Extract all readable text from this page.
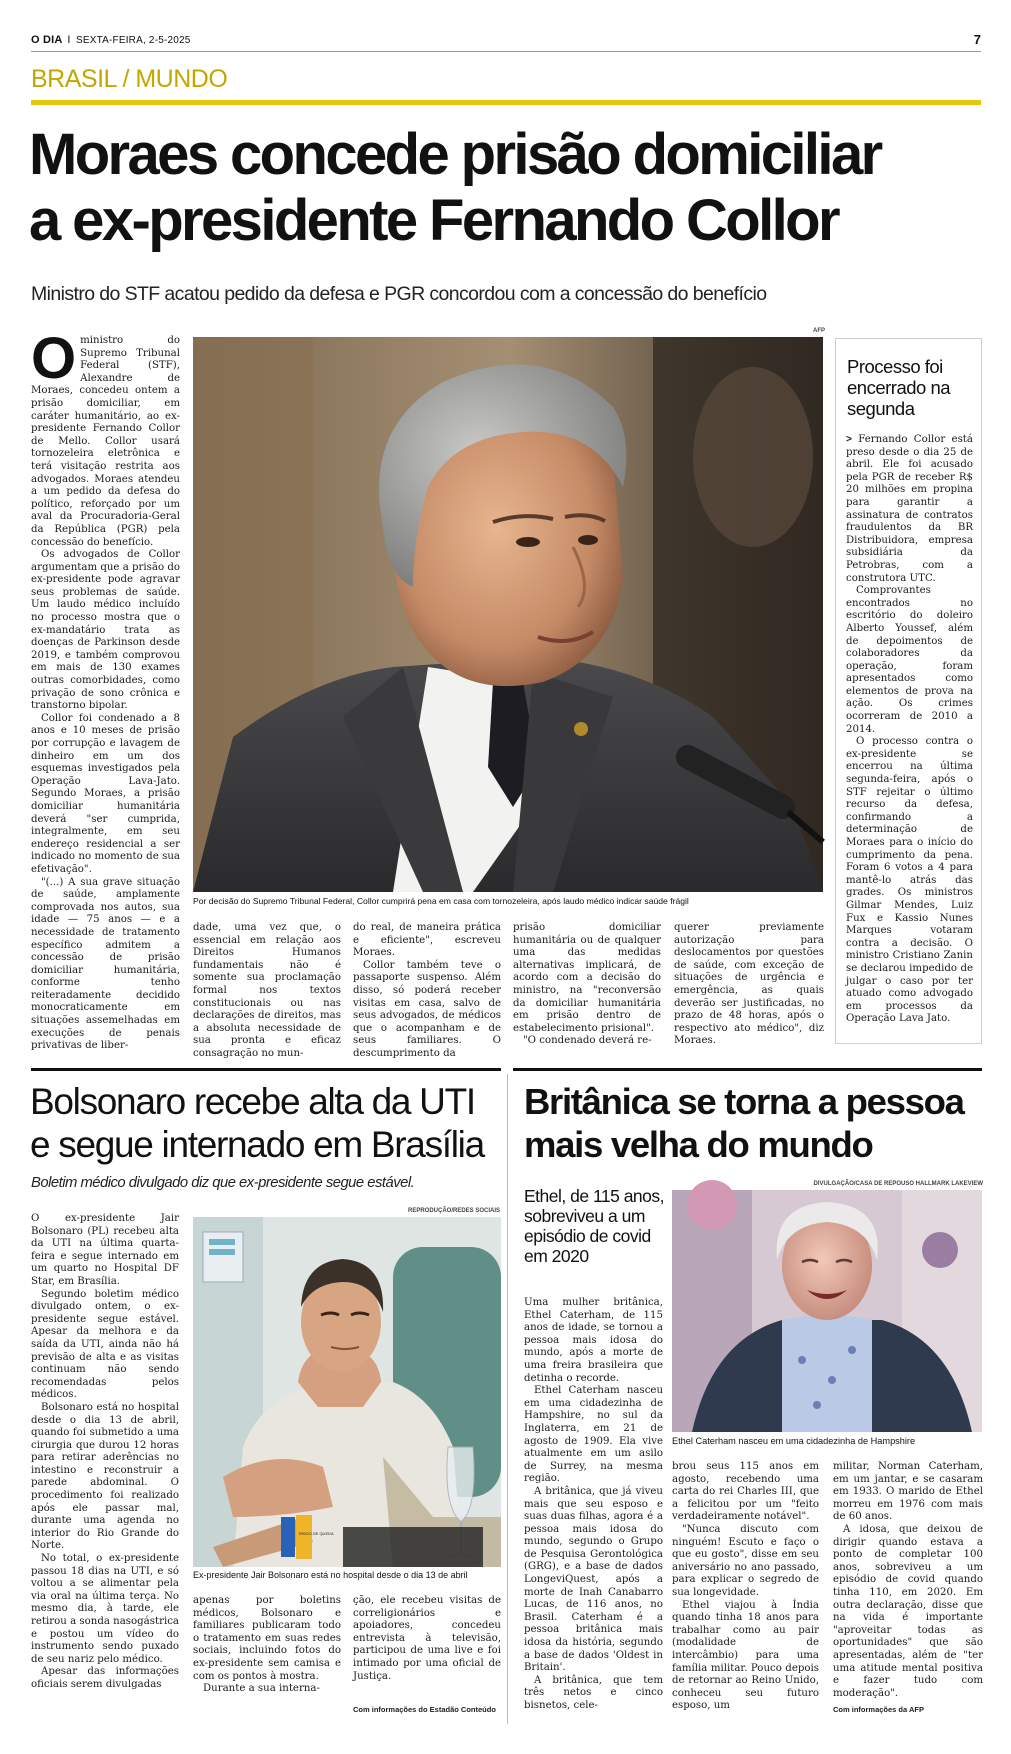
O DIA I SEXTA-FEIRA, 2-5-2025	7
BRASIL / MUNDO
Moraes concede prisão domiciliar
a ex-presidente Fernando Collor
Ministro do STF acatou pedido da defesa e PGR concordou com a concessão do benefício

Oministro do Supremo Tribunal Federal (STF), Alexandre de Moraes, concedeu ontem a prisão domiciliar, em caráter humanitário, ao ex-presidente Fernando Collor de Mello. Collor usará tornozeleira eletrônica e terá visitação restrita aos advogados. Moraes atendeu a um pedido da defesa do político, reforçado por um aval da Procuradoria-Geral da República (PGR) pela concessão do benefício.

Os advogados de Collor argumentam que a prisão do ex-presidente pode agravar seus problemas de saúde. Um laudo médico incluído no processo mostra que o ex-mandatário trata as doenças de Parkinson desde 2019, e também comprovou em mais de 130 exames outras comorbidades, como privação de sono crônica e transtorno bipolar.

Collor foi condenado a 8 anos e 10 meses de prisão por corrupção e lavagem de dinheiro em um dos esquemas investigados pela Operação Lava-Jato. Segundo Moraes, a prisão domiciliar humanitária deverá "ser cumprida, integralmente, em seu endereço residencial a ser indicado no momento de sua efetivação".

"(...) A sua grave situação de saúde, amplamente comprovada nos autos, sua idade — 75 anos — e a necessidade de tratamento específico admitem a concessão de prisão domiciliar humanitária, conforme tenho reiteradamente decidido monocraticamente em situações assemelhadas em execuções de penais privativas de liber-

AFP
Por decisão do Supremo Tribunal Federal, Collor cumprirá pena em casa com tornozeleira, após laudo médico indicar saúde frágil

dade, uma vez que, o essencial em relação aos Direitos Humanos fundamentais não é somente sua proclamação formal nos textos constitucionais ou nas declarações de direitos, mas a absoluta necessidade de sua pronta e eficaz consagração no mun-

do real, de maneira prática e eficiente", escreveu Moraes.

Collor também teve o passaporte suspenso. Além disso, só poderá receber visitas em casa, salvo de seus advogados, de médicos que o acompanham e de seus familiares. O descumprimento da

prisão domiciliar humanitária ou de qualquer uma das medidas alternativas implicará, de acordo com a decisão do ministro, na "reconversão da domiciliar humanitária em prisão dentro de estabelecimento prisional".

"O condenado deverá re-

querer previamente autorização para deslocamentos por questões de saúde, com exceção de situações de urgência e emergência, as quais deverão ser justificadas, no prazo de 48 horas, após o respectivo ato médico", diz Moraes.

Processo foi encerrado na segunda

> Fernando Collor está preso desde o dia 25 de abril. Ele foi acusado pela PGR de receber R$ 20 milhões em propina para garantir a assinatura de contratos fraudulentos da BR Distribuidora, empresa subsidiária da Petrobras, com a construtora UTC.

Comprovantes encontrados no escritório do doleiro Alberto Youssef, além de depoimentos de colaboradores da operação, foram apresentados como elementos de prova na ação. Os crimes ocorreram de 2010 a 2014.

O processo contra o ex-presidente se encerrou na última segunda-feira, após o STF rejeitar o último recurso da defesa, confirmando a determinação de Moraes para o início do cumprimento da pena. Foram 6 votos a 4 para mantê-lo atrás das grades. Os ministros Gilmar Mendes, Luiz Fux e Kassio Nunes Marques votaram contra a decisão. O ministro Cristiano Zanin se declarou impedido de julgar o caso por ter atuado como advogado em processos da Operação Lava Jato.

Bolsonaro recebe alta da UTI
e segue internado em Brasília
Boletim médico divulgado diz que ex-presidente segue estável.

O ex-presidente Jair Bolsonaro (PL) recebeu alta da UTI na última quarta-feira e segue internado em um quarto no Hospital DF Star, em Brasília.

Segundo boletim médico divulgado ontem, o ex-presidente segue estável. Apesar da melhora e da saída da UTI, ainda não há previsão de alta e as visitas continuam não sendo recomendadas pelos médicos.

Bolsonaro está no hospital desde o dia 13 de abril, quando foi submetido a uma cirurgia que durou 12 horas para retirar aderências no intestino e reconstruir a parede abdominal. O procedimento foi realizado após ele passar mal, durante uma agenda no interior do Rio Grande do Norte.

No total, o ex-presidente passou 18 dias na UTI, e só voltou a se alimentar pela via oral na última terça. No mesmo dia, à tarde, ele retirou a sonda nasogástrica e postou um vídeo do instrumento sendo puxado de seu nariz pelo médico.

Apesar das informações oficiais serem divulgadas

REPRODUÇÃO/REDES SOCIAIS
RISCO DE QUEDA
Ex-presidente Jair Bolsonaro está no hospital desde o dia 13 de abril

apenas por boletins médicos, Bolsonaro e familiares publicaram todo o tratamento em suas redes sociais, incluindo fotos do ex-presidente sem camisa e com os pontos à mostra.

Durante a sua interna-

ção, ele recebeu visitas de correligionários e apoiadores, concedeu entrevista à televisão, participou de uma live e foi intimado por uma oficial de Justiça.

Com informações do Estadão Conteúdo
Britânica se torna a pessoa
mais velha do mundo
Ethel, de 115 anos, sobreviveu a um episódio de covid em 2020

Uma mulher britânica, Ethel Caterham, de 115 anos de idade, se tornou a pessoa mais idosa do mundo, após a morte de uma freira brasileira que detinha o recorde.

Ethel Caterham nasceu em uma cidadezinha de Hampshire, no sul da Inglaterra, em 21 de agosto de 1909. Ela vive atualmente em um asilo de Surrey, na mesma região.

A britânica, que já viveu mais que seu esposo e suas duas filhas, agora é a pessoa mais idosa do mundo, segundo o Grupo de Pesquisa Gerontológica (GRG), e a base de dados LongeviQuest, após a morte de Inah Canabarro Lucas, de 116 anos, no Brasil. Caterham é a pessoa britânica mais idosa da história, segundo a base de dados 'Oldest in Britain'.

A britânica, que tem três netos e cinco bisnetos, cele-

DIVULGAÇÃO/CASA DE REPOUSO HALLMARK LAKEVIEW
Ethel Caterham nasceu em uma cidadezinha de Hampshire

brou seus 115 anos em agosto, recebendo uma carta do rei Charles III, que a felicitou por um "feito verdadeiramente notável".

"Nunca discuto com ninguém! Escuto e faço o que eu gosto", disse em seu aniversário no ano passado, para explicar o segredo de sua longevidade.

Ethel viajou à Índia quando tinha 18 anos para trabalhar como au pair (modalidade de intercâmbio) para uma família militar. Pouco depois de retornar ao Reino Unido, conheceu seu futuro esposo, um

militar, Norman Caterham, em um jantar, e se casaram em 1933. O marido de Ethel morreu em 1976 com mais de 60 anos.

A idosa, que deixou de dirigir quando estava a ponto de completar 100 anos, sobreviveu a um episódio de covid quando tinha 110, em 2020. Em outra declaração, disse que na vida é importante "aproveitar todas as oportunidades" que são apresentadas, além de "ter uma atitude mental positiva e fazer tudo com moderação".

Com informações da AFP
